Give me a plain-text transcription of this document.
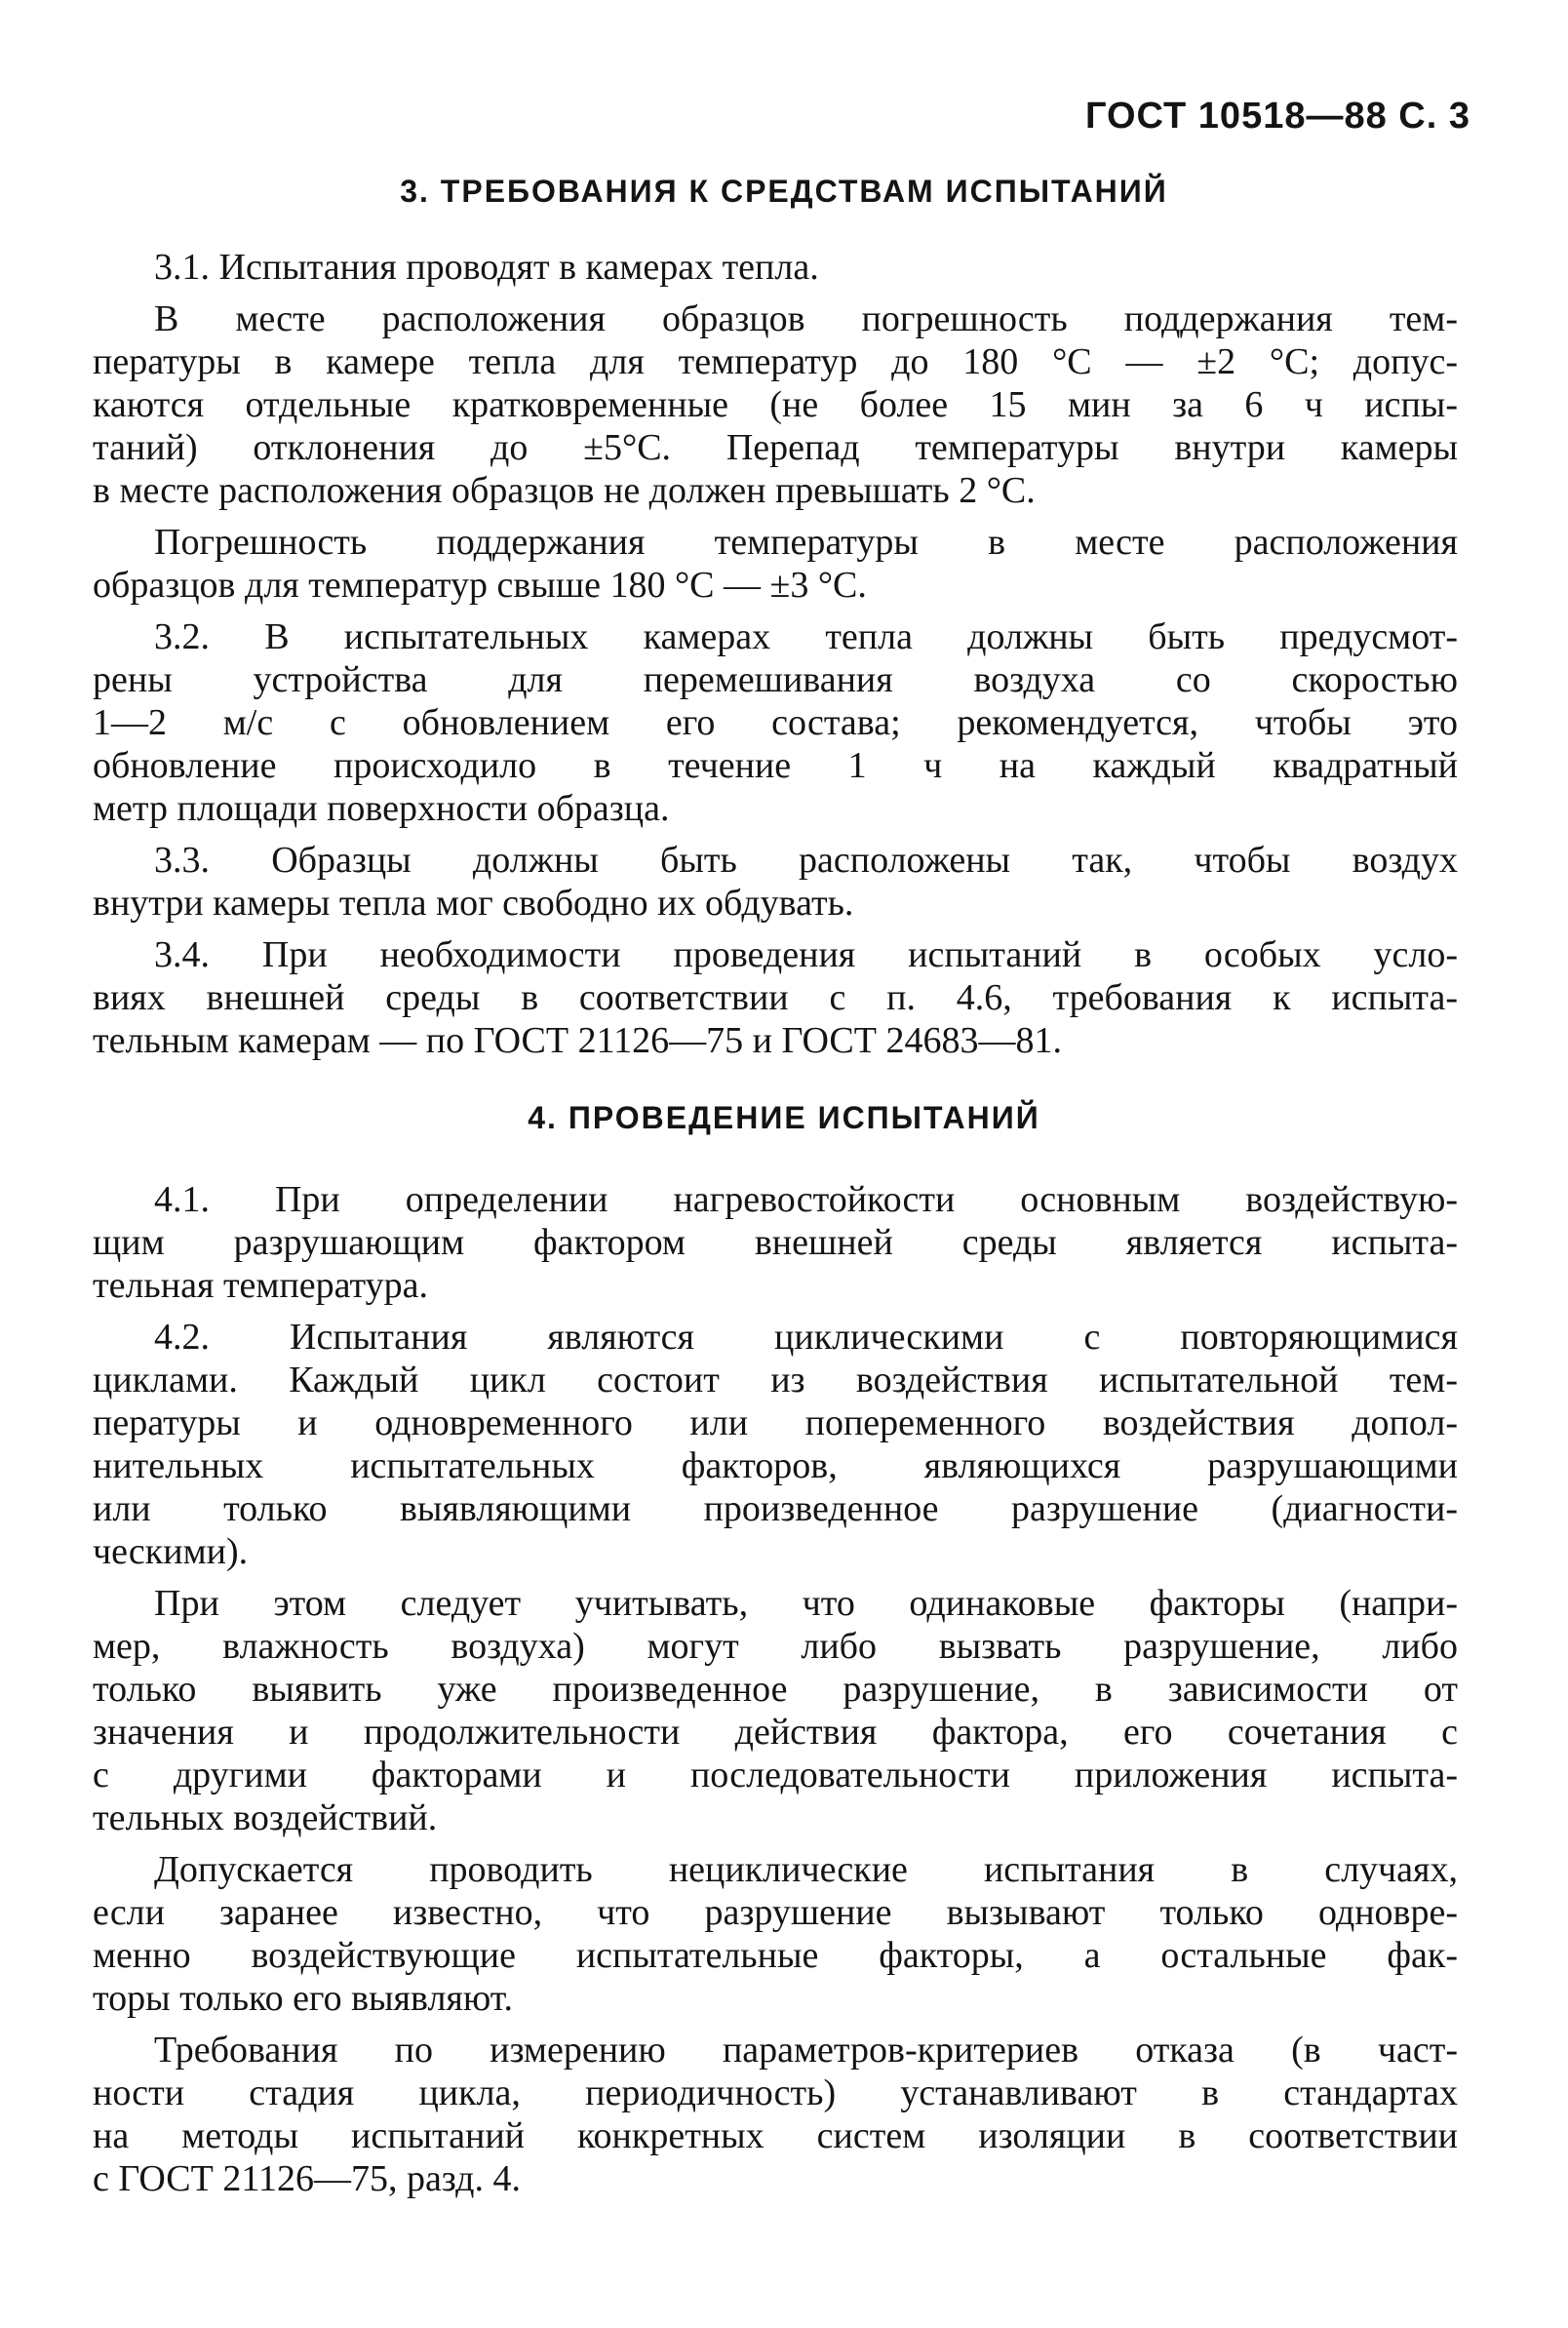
ГОСТ 10518—88 С. 3
3. ТРЕБОВАНИЯ К СРЕДСТВАМ ИСПЫТАНИЙ
3.1. Испытания проводят в камерах тепла.
В месте расположения образцов погрешность поддержания тем-
пературы в камере тепла для температур до 180 °С — ±2 °С; допус-
каются отдельные кратковременные (не более 15 мин за 6 ч испы-
таний) отклонения до ±5°С. Перепад температуры внутри камеры
в месте расположения образцов не должен превышать 2 °С.
Погрешность поддержания температуры в месте расположения
образцов для температур свыше 180 °С — ±3 °С.
3.2. В испытательных камерах тепла должны быть предусмот-
рены устройства для перемешивания воздуха со скоростью
1—2 м/с с обновлением его состава; рекомендуется, чтобы это
обновление происходило в течение 1 ч на каждый квадратный
метр площади поверхности образца.
3.3. Образцы должны быть расположены так, чтобы воздух
внутри камеры тепла мог свободно их обдувать.
3.4. При необходимости проведения испытаний в особых усло-
виях внешней среды в соответствии с п. 4.6, требования к испыта-
тельным камерам — по ГОСТ 21126—75 и ГОСТ 24683—81.
4. ПРОВЕДЕНИЕ ИСПЫТАНИЙ
4.1. При определении нагревостойкости основным воздействую-
щим разрушающим фактором внешней среды является испыта-
тельная температура.
4.2. Испытания являются циклическими с повторяющимися
циклами. Каждый цикл состоит из воздействия испытательной тем-
пературы и одновременного или попеременного воздействия допол-
нительных испытательных факторов, являющихся разрушающими
или только выявляющими произведенное разрушение (диагности-
ческими).
При этом следует учитывать, что одинаковые факторы (напри-
мер, влажность воздуха) могут либо вызвать разрушение, либо
только выявить уже произведенное разрушение, в зависимости от
значения и продолжительности действия фактора, его сочетания с
с другими факторами и последовательности приложения испыта-
тельных воздействий.
Допускается проводить нециклические испытания в случаях,
если заранее известно, что разрушение вызывают только одновре-
менно воздействующие испытательные факторы, а остальные фак-
торы только его выявляют.
Требования по измерению параметров-критериев отказа (в част-
ности стадия цикла, периодичность) устанавливают в стандартах
на методы испытаний конкретных систем изоляции в соответствии
с ГОСТ 21126—75, разд. 4.
